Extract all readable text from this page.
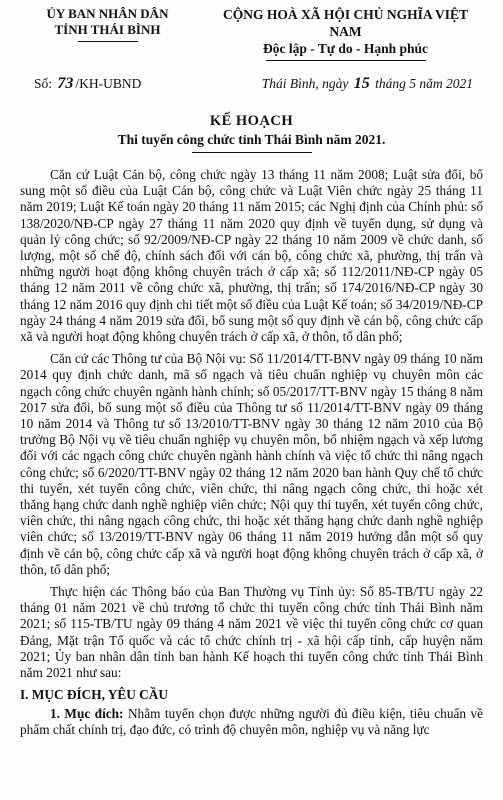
ỦY BAN NHÂN DÂN
TỈNH THÁI BÌNH
CỘNG HOÀ XÃ HỘI CHỦ NGHĨA VIỆT NAM
Độc lập - Tự do - Hạnh phúc
Số: 73 /KH-UBND	Thái Bình, ngày 15 tháng 5 năm 2021
KẾ HOẠCH
Thi tuyển công chức tỉnh Thái Bình năm 2021.

Căn cứ Luật Cán bộ, công chức ngày 13 tháng 11 năm 2008; Luật sửa đổi, bổ sung một số điều của Luật Cán bộ, công chức và Luật Viên chức ngày 25 tháng 11 năm 2019; Luật Kế toán ngày 20 tháng 11 năm 2015; các Nghị định của Chính phủ: số 138/2020/NĐ-CP ngày 27 tháng 11 năm 2020 quy định về tuyển dụng, sử dụng và quản lý công chức; số 92/2009/NĐ-CP ngày 22 tháng 10 năm 2009 về chức danh, số lượng, một số chế độ, chính sách đối với cán bộ, công chức xã, phường, thị trấn và những người hoạt động không chuyên trách ở cấp xã; số 112/2011/NĐ-CP ngày 05 tháng 12 năm 2011 về công chức xã, phường, thị trấn; số 174/2016/NĐ-CP ngày 30 tháng 12 năm 2016 quy định chi tiết một số điều của Luật Kế toán; số 34/2019/NĐ-CP ngày 24 tháng 4 năm 2019 sửa đổi, bổ sung một số quy định về cán bộ, công chức cấp xã và người hoạt động không chuyên trách ở cấp xã, ở thôn, tổ dân phố;

Căn cứ các Thông tư của Bộ Nội vụ: Số 11/2014/TT-BNV ngày 09 tháng 10 năm 2014 quy định chức danh, mã số ngạch và tiêu chuẩn nghiệp vụ chuyên môn các ngạch công chức chuyên ngành hành chính; số 05/2017/TT-BNV ngày 15 tháng 8 năm 2017 sửa đổi, bổ sung một số điều của Thông tư số 11/2014/TT-BNV ngày 09 tháng 10 năm 2014 và Thông tư số 13/2010/TT-BNV ngày 30 tháng 12 năm 2010 của Bộ trưởng Bộ Nội vụ về tiêu chuẩn nghiệp vụ chuyên môn, bổ nhiệm ngạch và xếp lương đối với các ngạch công chức chuyên ngành hành chính và việc tổ chức thi nâng ngạch công chức; số 6/2020/TT-BNV ngày 02 tháng 12 năm 2020 ban hành Quy chế tổ chức thi tuyển, xét tuyển công chức, viên chức, thi nâng ngạch công chức, thi hoặc xét thăng hạng chức danh nghề nghiệp viên chức; Nội quy thi tuyển, xét tuyển công chức, viên chức, thi nâng ngạch công chức, thi hoặc xét thăng hạng chức danh nghề nghiệp viên chức; số 13/2019/TT-BNV ngày 06 tháng 11 năm 2019 hướng dẫn một số quy định về cán bộ, công chức cấp xã và người hoạt động không chuyên trách ở cấp xã, ở thôn, tổ dân phố;

Thực hiện các Thông báo của Ban Thường vụ Tỉnh ủy: Số 85-TB/TU ngày 22 tháng 01 năm 2021 về chủ trương tổ chức thi tuyển công chức tỉnh Thái Bình năm 2021; số 115-TB/TU ngày 09 tháng 4 năm 2021 về việc thi tuyển công chức cơ quan Đảng, Mặt trận Tổ quốc và các tổ chức chính trị - xã hội cấp tỉnh, cấp huyện năm 2021; Ủy ban nhân dân tỉnh ban hành Kế hoạch thi tuyển công chức tỉnh Thái Bình năm 2021 như sau:

I. MỤC ĐÍCH, YÊU CẦU

1. Mục đích: Nhằm tuyển chọn được những người đủ điều kiện, tiêu chuẩn về phẩm chất chính trị, đạo đức, có trình độ chuyên môn, nghiệp vụ và năng lực
